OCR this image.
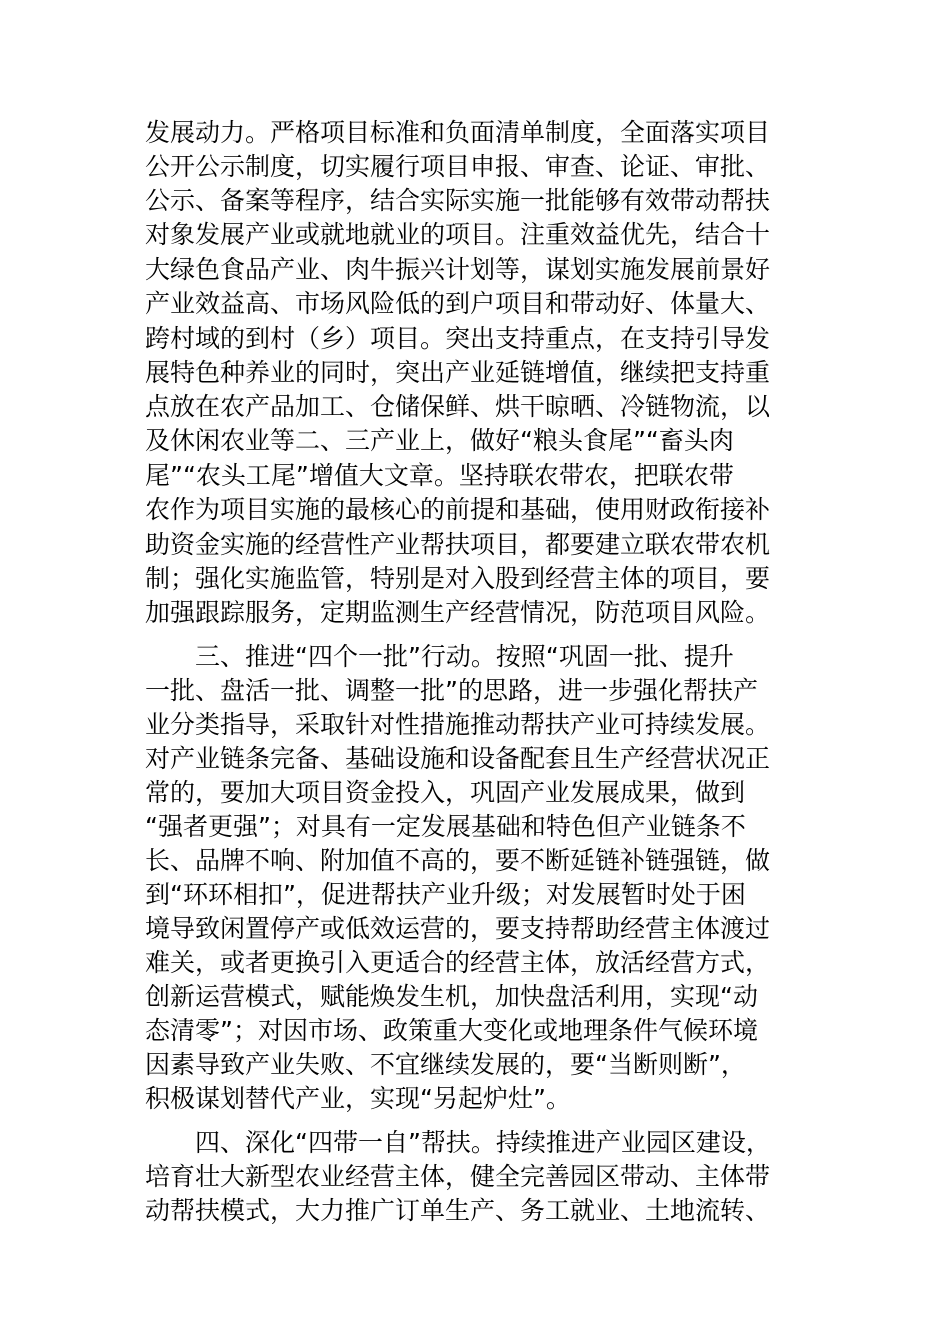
发展动力。严格项目标准和负面清单制度，全面落实项目
公开公示制度，切实履行项目申报、审查、论证、审批、
公示、备案等程序，结合实际实施一批能够有效带动帮扶
对象发展产业或就地就业的项目。注重效益优先，结合十
大绿色食品产业、肉牛振兴计划等，谋划实施发展前景好
产业效益高、市场风险低的到户项目和带动好、体量大、
跨村域的到村（乡）项目。突出支持重点，在支持引导发
展特色种养业的同时，突出产业延链增值，继续把支持重
点放在农产品加工、仓储保鲜、烘干晾晒、冷链物流，以
及休闲农业等二、三产业上，做好“粮头食尾”“畜头肉
尾”“农头工尾”增值大文章。坚持联农带农，把联农带
农作为项目实施的最核心的前提和基础，使用财政衔接补
助资金实施的经营性产业帮扶项目，都要建立联农带农机
制；强化实施监管，特别是对入股到经营主体的项目，要
加强跟踪服务，定期监测生产经营情况，防范项目风险。
三、推进“四个一批”行动。按照“巩固一批、提升
一批、盘活一批、调整一批”的思路，进一步强化帮扶产
业分类指导，采取针对性措施推动帮扶产业可持续发展。
对产业链条完备、基础设施和设备配套且生产经营状况正
常的，要加大项目资金投入，巩固产业发展成果，做到
“强者更强”；对具有一定发展基础和特色但产业链条不
长、品牌不响、附加值不高的，要不断延链补链强链，做
到“环环相扣”，促进帮扶产业升级；对发展暂时处于困
境导致闲置停产或低效运营的，要支持帮助经营主体渡过
难关，或者更换引入更适合的经营主体，放活经营方式，
创新运营模式，赋能焕发生机，加快盘活利用，实现“动
态清零”；对因市场、政策重大变化或地理条件气候环境
因素导致产业失败、不宜继续发展的，要“当断则断”，
积极谋划替代产业，实现“另起炉灶”。
四、深化“四带一自”帮扶。持续推进产业园区建设，
培育壮大新型农业经营主体，健全完善园区带动、主体带
动帮扶模式，大力推广订单生产、务工就业、土地流转、
